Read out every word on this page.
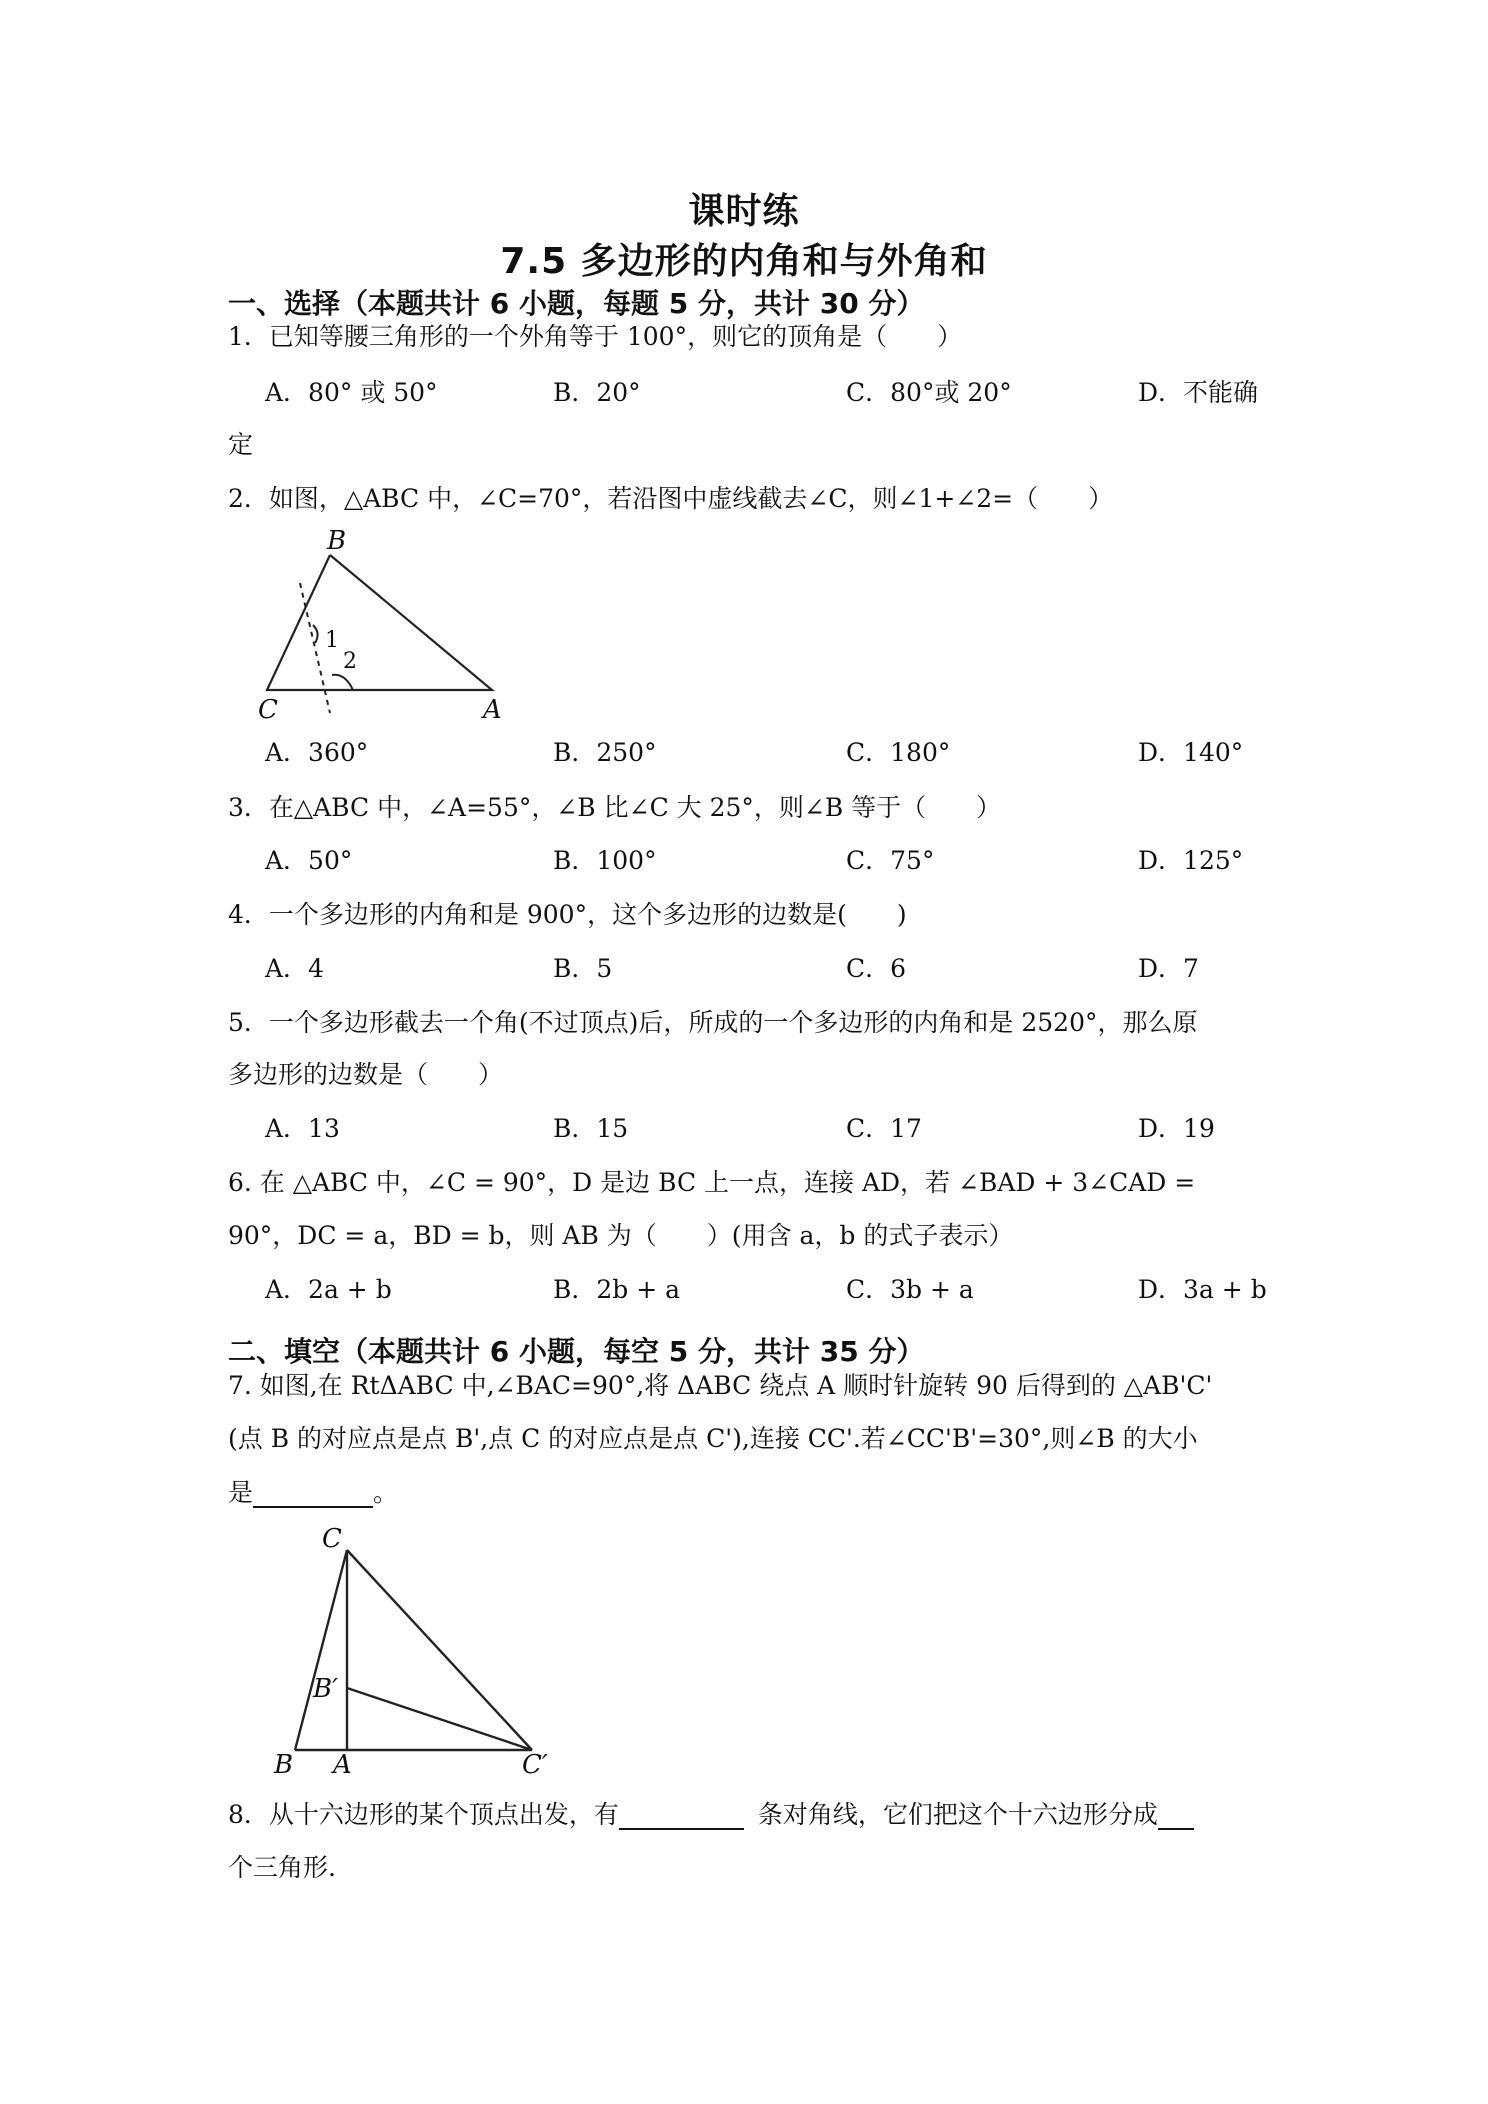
课时练
7.5 多边形的内角和与外角和
一、选择（本题共计 6 小题，每题 5 分，共计 30 分）
1．已知等腰三角形的一个外角等于 100°，则它的顶角是（　　）
A．80° 或 50°	B．20°	C．80°或 20°	D．不能确
定
2．如图，△ABC 中，∠C=70°，若沿图中虚线截去∠C，则∠1+∠2=（　　）
B
C	A
1
2
A．360°	B．250°	C．180°	D．140°
3．在△ABC 中，∠A=55°，∠B 比∠C 大 25°，则∠B 等于（　　）
A．50°	B．100°	C．75°	D．125°
4．一个多边形的内角和是 900°，这个多边形的边数是(　　)
A．4	B．5	C．6	D．7
5．一个多边形截去一个角(不过顶点)后，所成的一个多边形的内角和是 2520°，那么原
多边形的边数是（　　）
A．13	B．15	C．17	D．19
6. 在 △ABC 中，∠C = 90°，D 是边 BC 上一点，连接 AD，若 ∠BAD + 3∠CAD =
90°，DC = a，BD = b，则 AB 为（　　）(用含 a，b 的式子表示）
A．2a + b	B．2b + a	C．3b + a	D．3a + b
二、填空（本题共计 6 小题，每空 5 分，共计 35 分）
7. 如图,在 RtΔABC 中,∠BAC=90°,将 ΔABC 绕点 A 顺时针旋转 90 后得到的 △AB'C'
(点 B 的对应点是点 B',点 C 的对应点是点 C'),连接 CC'.若∠CC'B'=30°,则∠B 的大小
是	。
C
B′
B A	C′
8．从十六边形的某个顶点出发，有	条对角线，它们把这个十六边形分成
个三角形.
